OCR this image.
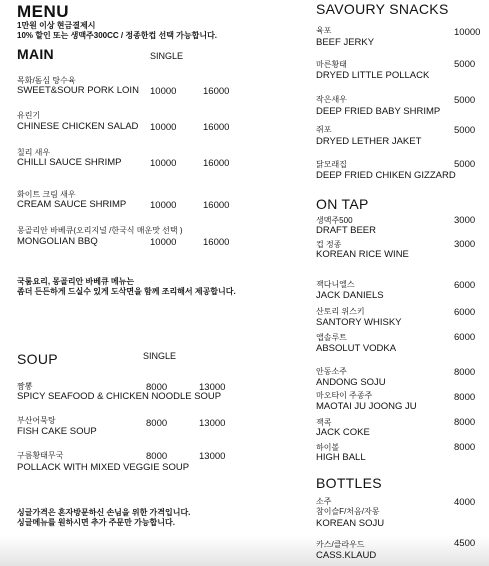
MENU
1만원 이상 현금결제시
10% 할인 또는 생맥주300CC / 정종한컵 선택 가능합니다.
MAIN	SINGLE
목화/돔심 탕수육
SWEET&SOUR PORK LOIN 10000	16000
유린기
CHINESE CHICKEN SALAD 10000	16000
칠리 새우
CHILLI SAUCE SHRIMP	10000	16000
화이트 크림 새우
CREAM SAUCE SHRIMP 10000	16000
몽골리안 바베큐(오리지널 /한국식 매운맛 선택 )
MONGOLIAN BBQ	10000	16000
국룸요리, 몽골리안 바베큐 메뉴는
좀더 든든하게 드실수 있게 도삭면을 함께 조리해서 제공합니다.
SOUP	SINGLE
짬뽕	8000	13000
SPICY SEAFOOD & CHICKEN NOODLE SOUP
부산어묵탕	8000	13000
FISH CAKE SOUP
구름황태무국	8000	13000
POLLACK WITH MIXED VEGGIE SOUP
싱글가격은 혼자방문하신 손님을 위한 가격입니다.
싱글메뉴를 원하시면 추가 주문만 가능합니다.
SAVOURY SNACKS
육포
BEEF JERKY
10000
마른황태
DRYED LITTLE POLLACK
5000
작은새우
DEEP FRIED BABY SHRIMP
5000
쥐포
DRYED LETHER JAKET
5000
닭모래집
DEEP FRIED CHIKEN GIZZARD
5000
ON TAP
생맥주500
DRAFT BEER
3000
컵 정종
KOREAN RICE WINE
3000
잭다니엘스
JACK DANIELS
6000
산토리 위스키
SANTORY WHISKY
6000
앱솔루트
ABSOLUT VODKA
6000
안동소주
ANDONG SOJU
8000
마오타이 주종주
MAOTAI JU JOONG JU
8000
잭콕
JACK COKE
8000
하이볼
HIGH BALL
8000
BOTTLES
소주
참이슬F/처음/자몽
KOREAN SOJU
4000
카스/클라우드
CASS.KLAUD
4500
